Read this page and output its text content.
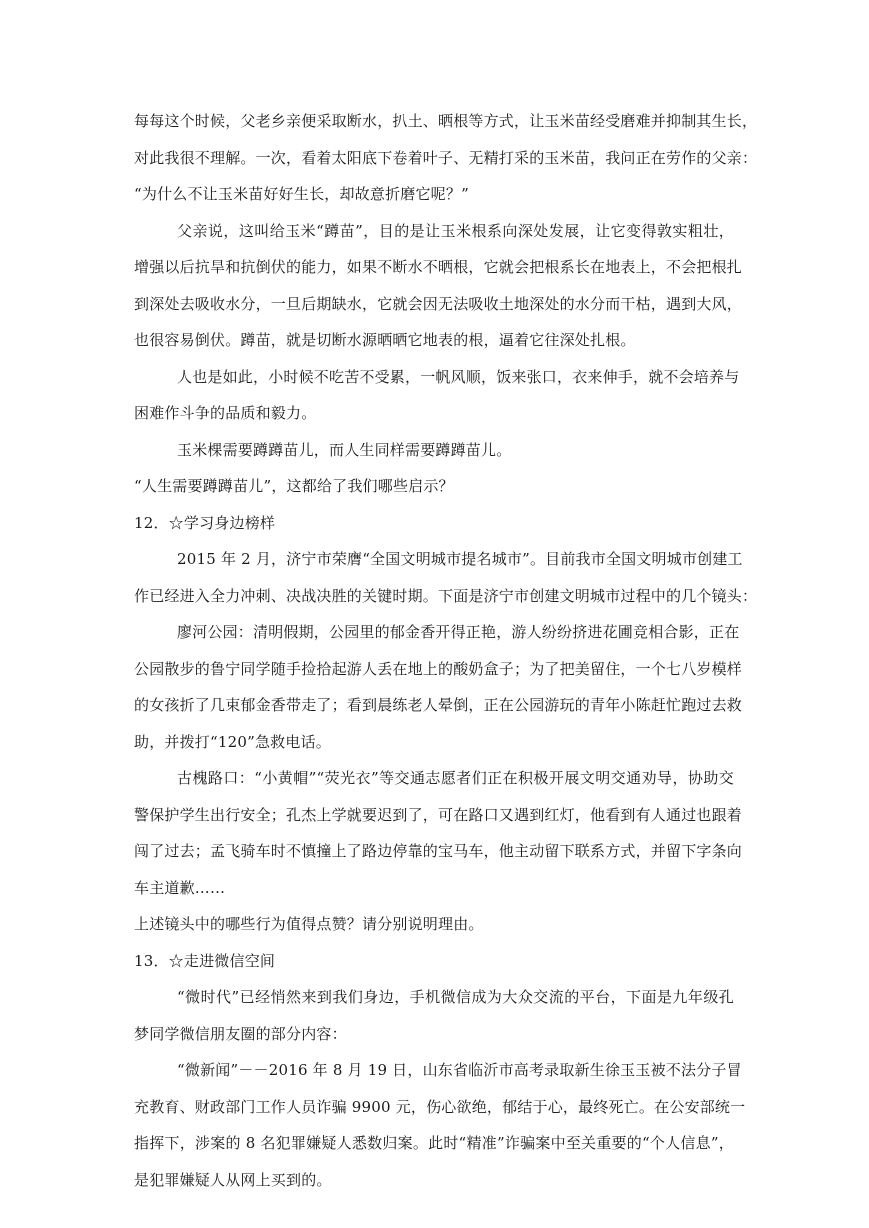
每每这个时候，父老乡亲便采取断水，扒土、晒根等方式，让玉米苗经受磨难并抑制其生长，
对此我很不理解。一次，看着太阳底下卷着叶子、无精打采的玉米苗，我问正在劳作的父亲：
“为什么不让玉米苗好好生长，却故意折磨它呢？”
父亲说，这叫给玉米“蹲苗”，目的是让玉米根系向深处发展，让它变得敦实粗壮，
增强以后抗旱和抗倒伏的能力，如果不断水不晒根，它就会把根系长在地表上，不会把根扎
到深处去吸收水分，一旦后期缺水，它就会因无法吸收土地深处的水分而干枯，遇到大风，
也很容易倒伏。蹲苗，就是切断水源晒晒它地表的根，逼着它往深处扎根。
人也是如此，小时候不吃苦不受累，一帆风顺，饭来张口，衣来伸手，就不会培养与
困难作斗争的品质和毅力。
玉米棵需要蹲蹲苗儿，而人生同样需要蹲蹲苗儿。
“人生需要蹲蹲苗儿”，这都给了我们哪些启示？
12．☆学习身边榜样
2015 年 2 月，济宁市荣膺“全国文明城市提名城市”。目前我市全国文明城市创建工
作已经进入全力冲刺、决战决胜的关键时期。下面是济宁市创建文明城市过程中的几个镜头：
廖河公园：清明假期，公园里的郁金香开得正艳，游人纷纷挤进花圃竞相合影，正在
公园散步的鲁宁同学随手捡拾起游人丢在地上的酸奶盒子；为了把美留住，一个七八岁模样
的女孩折了几束郁金香带走了；看到晨练老人晕倒，正在公园游玩的青年小陈赶忙跑过去救
助，并拨打“120”急救电话。
古槐路口：“小黄帽”“荧光衣”等交通志愿者们正在积极开展文明交通劝导，协助交
警保护学生出行安全；孔杰上学就要迟到了，可在路口又遇到红灯，他看到有人通过也跟着
闯了过去；孟飞骑车时不慎撞上了路边停靠的宝马车，他主动留下联系方式，并留下字条向
车主道歉……
上述镜头中的哪些行为值得点赞？请分别说明理由。
13．☆走进微信空间
“微时代”已经悄然来到我们身边，手机微信成为大众交流的平台，下面是九年级孔
梦同学微信朋友圈的部分内容：
“微新闻”－－2016 年 8 月 19 日，山东省临沂市高考录取新生徐玉玉被不法分子冒
充教育、财政部门工作人员诈骗 9900 元，伤心欲绝，郁结于心，最终死亡。在公安部统一
指挥下，涉案的 8 名犯罪嫌疑人悉数归案。此时“精准”诈骗案中至关重要的“个人信息”，
是犯罪嫌疑人从网上买到的。
